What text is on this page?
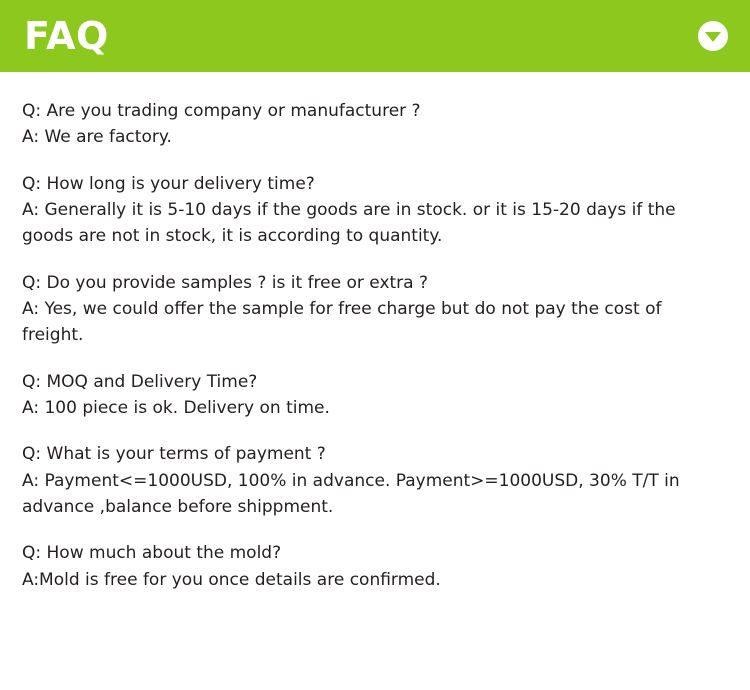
FAQ

Q: Are you trading company or manufacturer ?

A: We are factory.

Q: How long is your delivery time?

A: Generally it is 5-10 days if the goods are in stock. or it is 15-20 days if the goods are not in stock, it is according to quantity.

Q: Do you provide samples ? is it free or extra ?

A: Yes, we could offer the sample for free charge but do not pay the cost of freight.

Q: MOQ and Delivery Time?

A: 100 piece is ok. Delivery on time.

Q: What is your terms of payment ?

A: Payment<=1000USD, 100% in advance. Payment>=1000USD, 30% T/T in advance ,balance before shippment.

Q: How much about the mold?

A:Mold is free for you once details are confirmed.
